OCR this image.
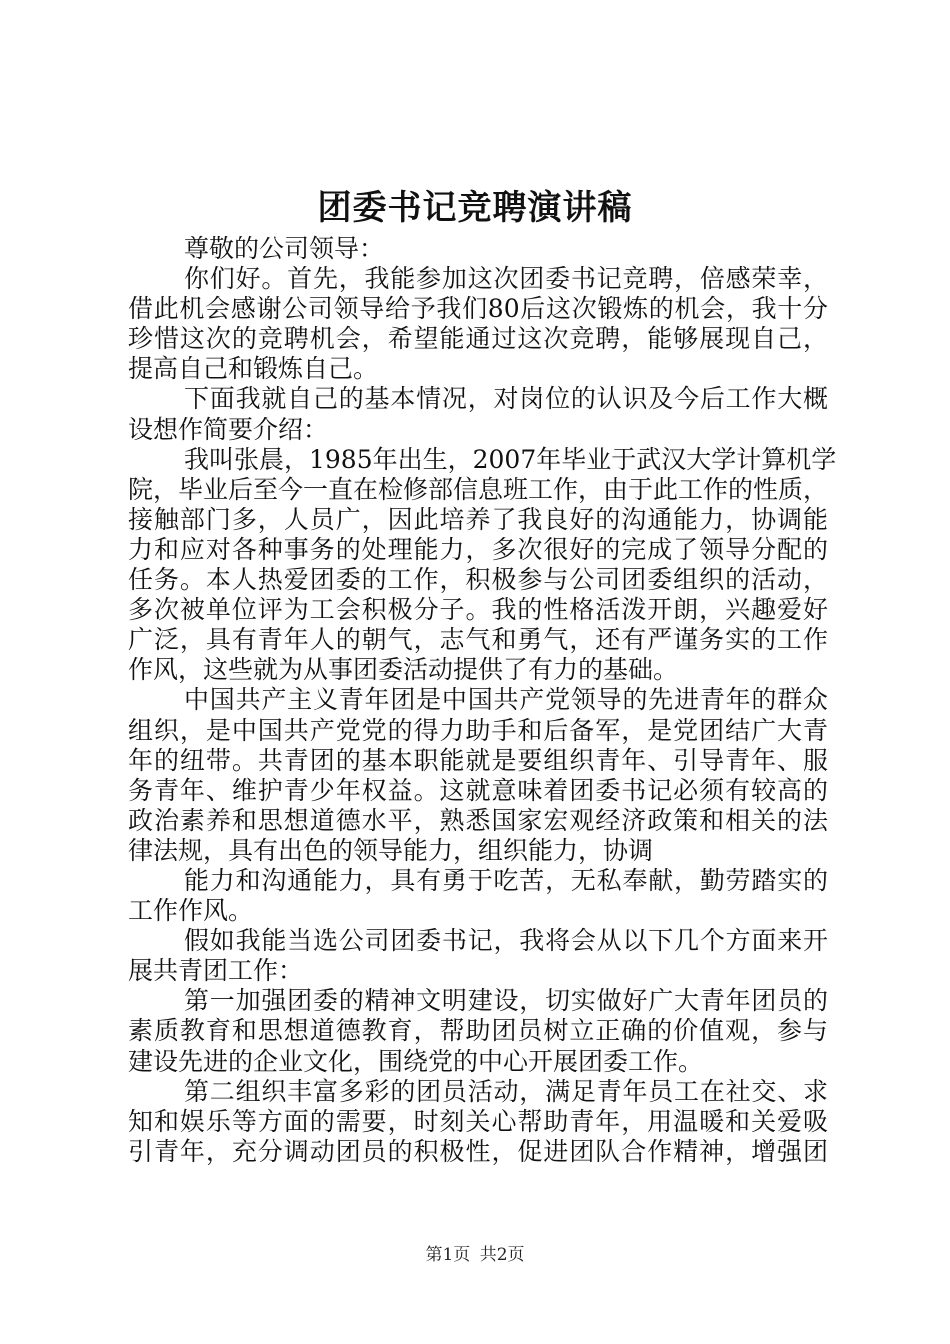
团委书记竞聘演讲稿
尊敬的公司领导：
你们好。首先，我能参加这次团委书记竞聘，倍感荣幸，
借此机会感谢公司领导给予我们80后这次锻炼的机会，我十分
珍惜这次的竞聘机会，希望能通过这次竞聘，能够展现自己，
提高自己和锻炼自己。
下面我就自己的基本情况，对岗位的认识及今后工作大概
设想作简要介绍：
我叫张晨，1985年出生，2007年毕业于武汉大学计算机学
院，毕业后至今一直在检修部信息班工作，由于此工作的性质，
接触部门多，人员广，因此培养了我良好的沟通能力，协调能
力和应对各种事务的处理能力，多次很好的完成了领导分配的
任务。本人热爱团委的工作，积极参与公司团委组织的活动，
多次被单位评为工会积极分子。我的性格活泼开朗，兴趣爱好
广泛，具有青年人的朝气，志气和勇气，还有严谨务实的工作
作风，这些就为从事团委活动提供了有力的基础。
中国共产主义青年团是中国共产党领导的先进青年的群众
组织，是中国共产党党的得力助手和后备军，是党团结广大青
年的纽带。共青团的基本职能就是要组织青年、引导青年、服
务青年、维护青少年权益。这就意味着团委书记必须有较高的
政治素养和思想道德水平，熟悉国家宏观经济政策和相关的法
律法规，具有出色的领导能力，组织能力，协调
能力和沟通能力，具有勇于吃苦，无私奉献，勤劳踏实的
工作作风。
假如我能当选公司团委书记，我将会从以下几个方面来开
展共青团工作：
第一加强团委的精神文明建设，切实做好广大青年团员的
素质教育和思想道德教育，帮助团员树立正确的价值观，参与
建设先进的企业文化，围绕党的中心开展团委工作。
第二组织丰富多彩的团员活动，满足青年员工在社交、求
知和娱乐等方面的需要，时刻关心帮助青年，用温暖和关爱吸
引青年，充分调动团员的积极性，促进团队合作精神，增强团
第1页 共2页
